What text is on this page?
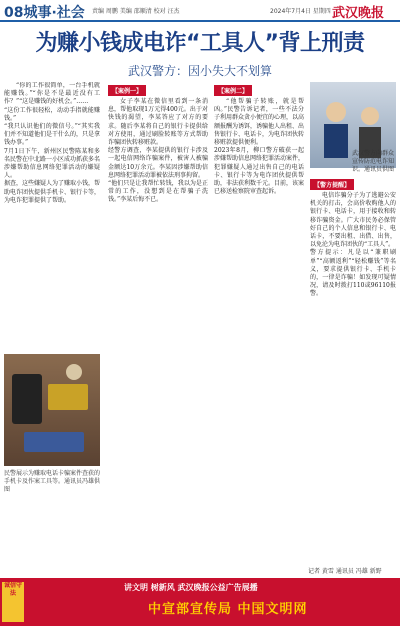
08城事·社会 责编 周鹏 美编 邵顺清 校对 汪杰	2024年7月4日 星期四 武汉晚报
为赚小钱成电诈“工具人”背上刑责
武汉警方：因小失大不划算

“你的工作很简单，一台手机就能赚钱。”“你是不是最近没有工作？”“这是赚钱的好机会。”……
“这份工作很轻松，动动手指就能赚钱。”
“我只认识他们的微信号。”“其实我们并不知道他们是干什么的，只是拿钱办事。”
7月1日下午，新州区民警陈某和多名民警在中北路一小区成功抓获多名涉嫌帮助信息网络犯罪活动的嫌疑人。
据查，这些嫌疑人为了赚取小钱，帮助电诈团伙提供手机卡、银行卡等，为电诈犯罪提供了帮助。

民警展示为赚取电话卡骗案件查获的手机卡及作案工具等。通讯员冯雄供图
【案例一】

女子李某在微信里看到一条消息，帮他取现1万元得400元。出于对快钱的渴望，李某答应了对方的要求。随后李某将自己的银行卡提供给对方使用，通过刷脸转账等方式帮助诈骗团伙转移赃款。
经警方调查，李某提供的银行卡涉及一起电信网络诈骗案件，被害人被骗金额达10万余元。李某因涉嫌帮助信息网络犯罪活动罪被依法刑事拘留。
“他们只是让我帮忙转钱，我以为是正常的工作，没想到是在帮骗子洗钱。”李某后悔不已。

【案例二】

“他帮骗子转账，就是帮凶。”民警告诉记者，一些不法分子利用群众贪小便宜的心理，以高额报酬为诱饵，诱骗他人出租、出售银行卡、电话卡，为电诈团伙转移赃款提供便利。
2023年8月，柳口警方破获一起涉嫌帮助信息网络犯罪活动案件，犯罪嫌疑人通过出售自己的电话卡、银行卡等为电诈团伙提供帮助，非法获利数千元。目前，该案已移送检察院审查起诉。

武汉警方向群众宣传防范电诈知识。通讯员供图
【警方提醒】

电信诈骗分子为了逃避公安机关的打击，会高价收购他人的银行卡、电话卡，用于接收和转移诈骗资金。广大市民务必保管好自己的个人信息和银行卡、电话卡，不要出租、出借、出售，以免沦为电诈团伙的“工具人”。
警方提示：凡是以“兼职刷单”“高额返利”“轻松赚钱”等名义，要求提供银行卡、手机卡的，一律是诈骗！如发现可疑情况，请及时拨打110或96110报警。

记者 黄雪 通讯员 冯雄 新野
讲文明 树新风 武汉晚报公益广告展播
中宣部宣传局 中国文明网
诚信守法
